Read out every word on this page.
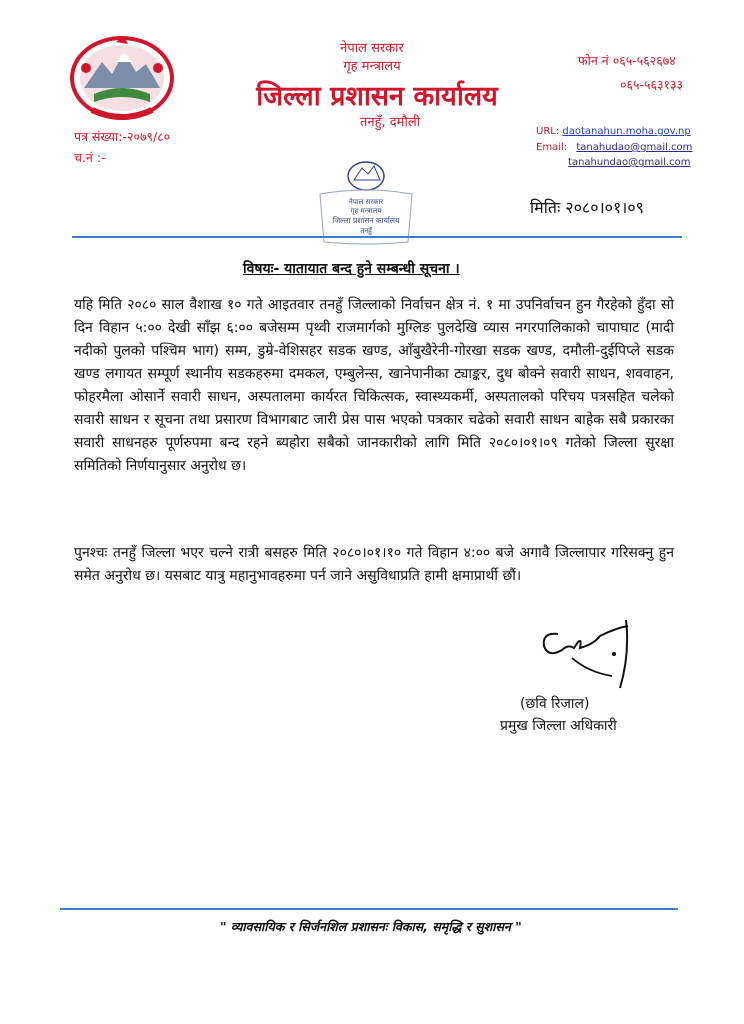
नेपाल सरकार
गृह मन्त्रालय
जिल्ला प्रशासन कार्यालय
तनहुँ, दमौली
फोन नं ०६५-५६२६७४
०६५-५६३१३३
पत्र संख्या:-२०७९/८०
च.नं :-
URL: daotanahun.moha.gov.np
Email: tanahudao@gmail.com
tanahundao@gmail.com
नेपाल सरकार
गृह मन्त्रालय
जिल्ला प्रशासन कार्यालय
तनहुँ
मितिः २०८०।०१।०९
विषयः- यातायात बन्द हुने सम्बन्धी सूचना ।
यहि मिति २०८० साल वैशाख १० गते आइतवार तनहुँ जिल्लाको निर्वाचन क्षेत्र नं. १ मा उपनिर्वाचन हुन गैरहेको हुँदा सो दिन विहान ५:०० देखी साँझ ६:०० बजेसम्म पृथ्वी राजमार्गको मुग्लिङ पुलदेखि व्यास नगरपालिकाको चापाघाट (मादी नदीको पुलको पश्चिम भाग) सम्म, डुम्रे-वेशिसहर सडक खण्ड, आँबुखैरेनी-गोरखा सडक खण्ड, दमौली-दुईपिप्ले सडक खण्ड लगायत सम्पूर्ण स्थानीय सडकहरुमा दमकल, एम्बुलेन्स, खानेपानीका ट्याङ्कर, दुध बोक्ने सवारी साधन, शववाहन, फोहरमैला ओसार्ने सवारी साधन, अस्पतालमा कार्यरत चिकित्सक, स्वास्थ्यकर्मी, अस्पतालको परिचय पत्रसहित चलेको सवारी साधन र सूचना तथा प्रसारण विभागबाट जारी प्रेस पास भएको पत्रकार चढेको सवारी साधन बाहेक सबै प्रकारका सवारी साधनहरु पूर्णरुपमा बन्द रहने ब्यहोरा सबैको जानकारीको लागि मिति २०८०।०१।०९ गतेको जिल्ला सुरक्षा समितिको निर्णयानुसार अनुरोध छ।
पुनश्चः तनहुँ जिल्ला भएर चल्ने रात्री बसहरु मिति २०८०।०१।१० गते विहान ४:०० बजे अगावै जिल्लापार गरिसक्नु हुन समेत अनुरोध छ। यसबाट यात्रु महानुभावहरुमा पर्न जाने असुविधाप्रति हामी क्षमाप्रार्थी छौं।
(छवि रिजाल)
प्रमुख जिल्ला अधिकारी
" व्यावसायिक र सिर्जनशिल प्रशासनः विकास, समृद्धि र सुशासन "
